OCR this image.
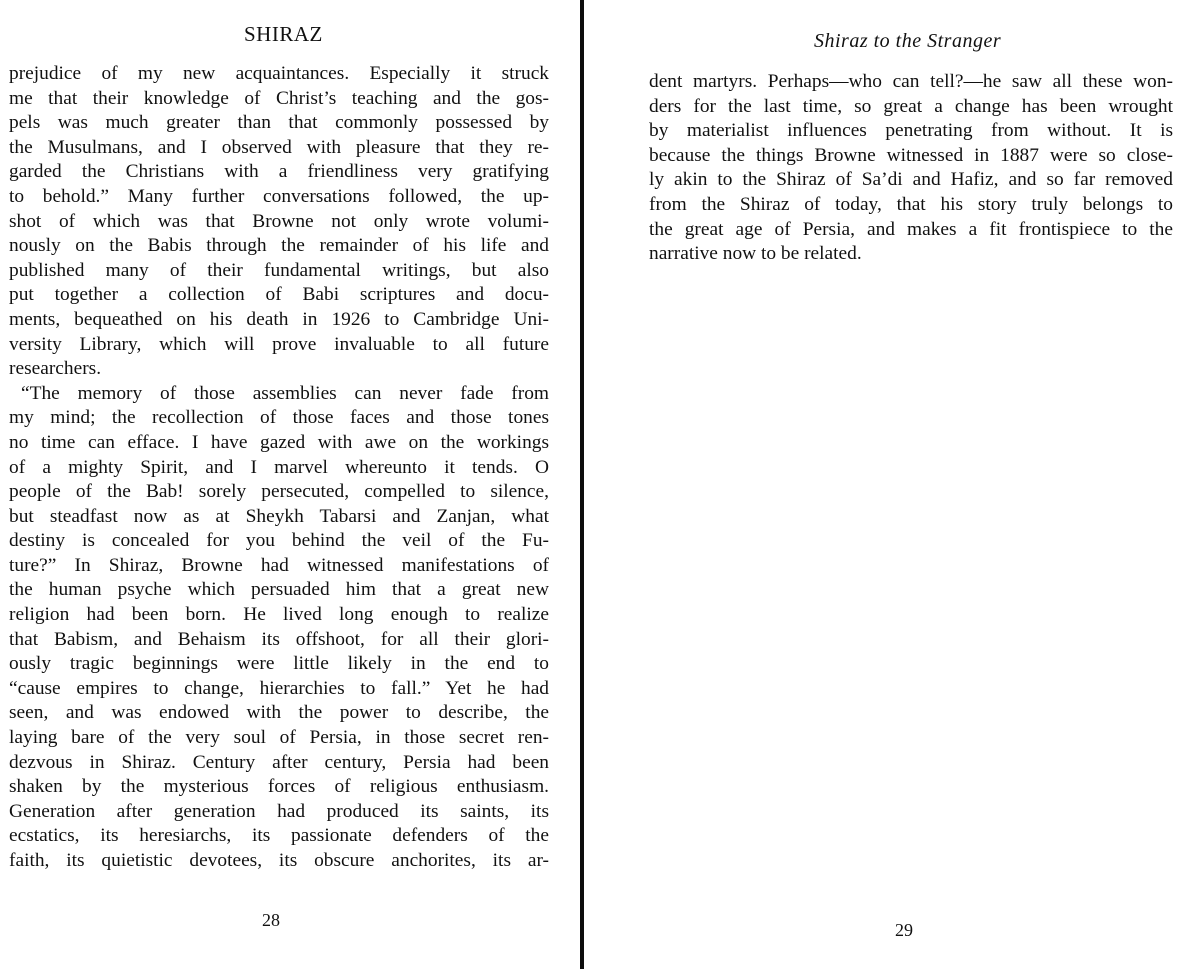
SHIRAZ
prejudice of my new acquaintances. Especially it struck
me that their knowledge of Christ’s teaching and the gos-
pels was much greater than that commonly possessed by
the Musulmans, and I observed with pleasure that they re-
garded the Christians with a friendliness very gratifying
to behold.” Many further conversations followed, the up-
shot of which was that Browne not only wrote volumi-
nously on the Babis through the remainder of his life and
published many of their fundamental writings, but also
put together a collection of Babi scriptures and docu-
ments, bequeathed on his death in 1926 to Cambridge Uni-
versity Library, which will prove invaluable to all future
researchers.
“The memory of those assemblies can never fade from
my mind; the recollection of those faces and those tones
no time can efface. I have gazed with awe on the workings
of a mighty Spirit, and I marvel whereunto it tends. O
people of the Bab! sorely persecuted, compelled to silence,
but steadfast now as at Sheykh Tabarsi and Zanjan, what
destiny is concealed for you behind the veil of the Fu-
ture?” In Shiraz, Browne had witnessed manifestations of
the human psyche which persuaded him that a great new
religion had been born. He lived long enough to realize
that Babism, and Behaism its offshoot, for all their glori-
ously tragic beginnings were little likely in the end to
“cause empires to change, hierarchies to fall.” Yet he had
seen, and was endowed with the power to describe, the
laying bare of the very soul of Persia, in those secret ren-
dezvous in Shiraz. Century after century, Persia had been
shaken by the mysterious forces of religious enthusiasm.
Generation after generation had produced its saints, its
ecstatics, its heresiarchs, its passionate defenders of the
faith, its quietistic devotees, its obscure anchorites, its ar-
28
Shiraz to the Stranger
dent martyrs. Perhaps—who can tell?—he saw all these won-
ders for the last time, so great a change has been wrought
by materialist influences penetrating from without. It is
because the things Browne witnessed in 1887 were so close-
ly akin to the Shiraz of Sa’di and Hafiz, and so far removed
from the Shiraz of today, that his story truly belongs to
the great age of Persia, and makes a fit frontispiece to the
narrative now to be related.
29
